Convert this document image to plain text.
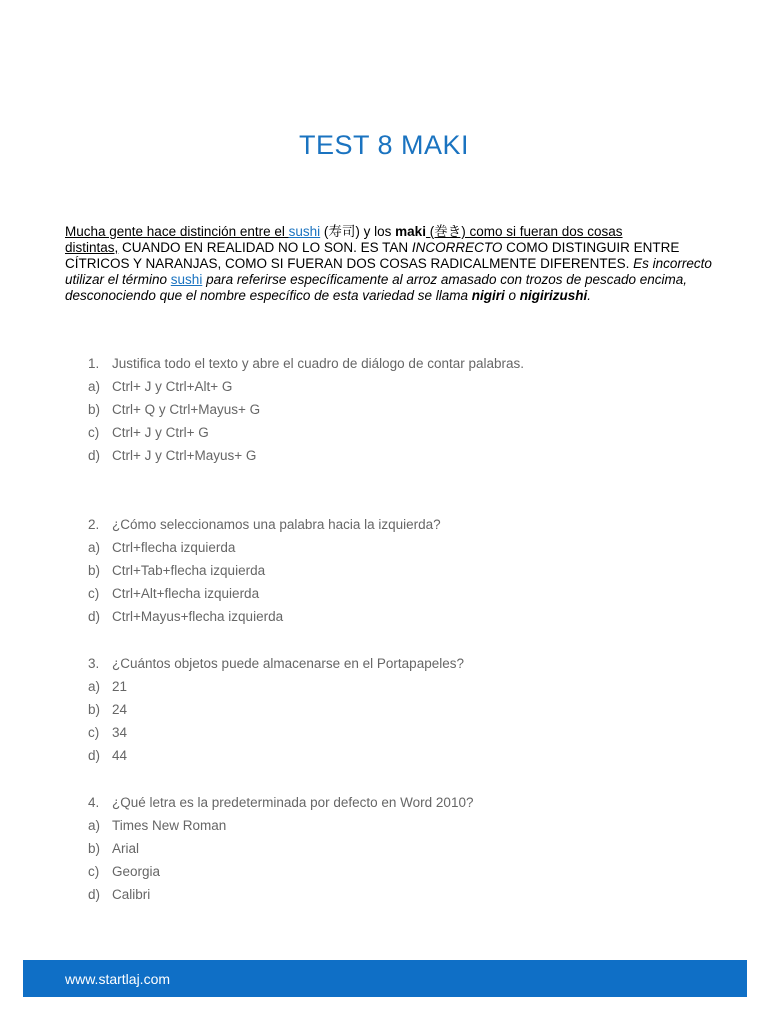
TEST 8 MAKI
Mucha gente hace distinción entre el sushi (寿司) y los maki (巻き) como si fueran dos cosas
distintas, CUANDO EN REALIDAD NO LO SON. ES TAN INCORRECTO COMO DISTINGUIR ENTRE CÍTRICOS Y NARANJAS, COMO SI FUERAN DOS COSAS RADICALMENTE DIFERENTES. Es incorrecto utilizar el término sushi para referirse específicamente al arroz amasado con trozos de pescado encima, desconociendo que el nombre específico de esta variedad se llama nigiri o nigirizushi.
1. Justifica todo el texto y abre el cuadro de diálogo de contar palabras.
a) Ctrl+ J y Ctrl+Alt+ G
b) Ctrl+ Q y Ctrl+Mayus+ G
c) Ctrl+ J y Ctrl+ G
d) Ctrl+ J y Ctrl+Mayus+ G
2. ¿Cómo seleccionamos una palabra hacia la izquierda?
a) Ctrl+flecha izquierda
b) Ctrl+Tab+flecha izquierda
c) Ctrl+Alt+flecha izquierda
d) Ctrl+Mayus+flecha izquierda
3. ¿Cuántos objetos puede almacenarse en el Portapapeles?
a) 21
b) 24
c) 34
d) 44
4. ¿Qué letra es la predeterminada por defecto en Word 2010?
a) Times New Roman
b) Arial
c) Georgia
d) Calibri
www.startlaj.com
